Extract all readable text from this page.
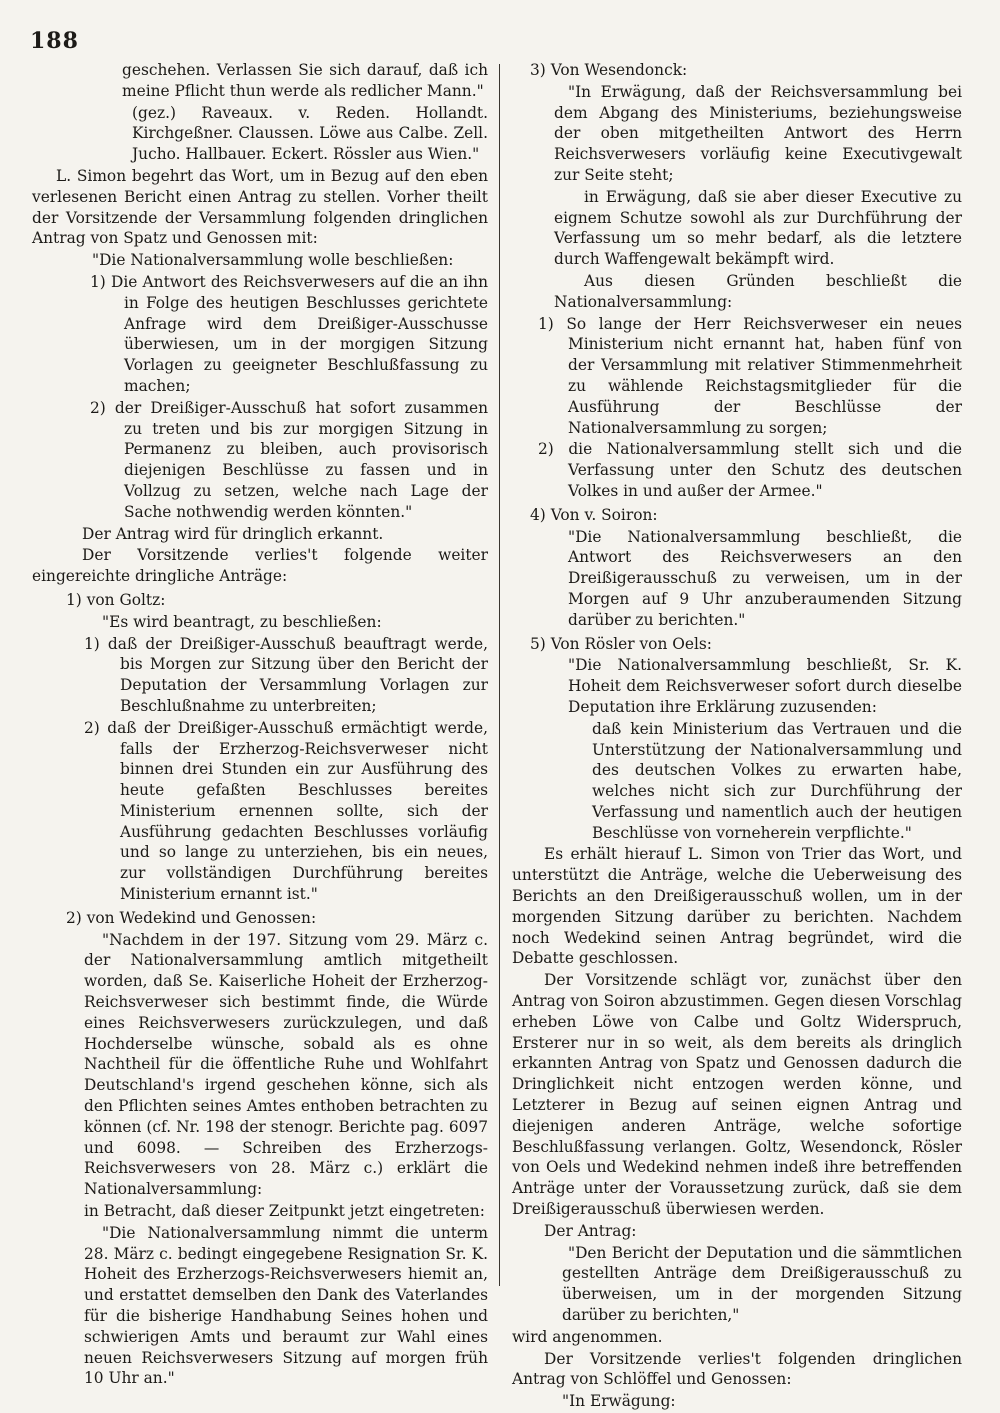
188

geschehen. Verlassen Sie sich darauf, daß ich meine Pflicht thun werde als redlicher Mann."

(gez.) Raveaux. v. Reden. Hollandt. Kirchgeßner. Claussen. Löwe aus Calbe. Zell. Jucho. Hallbauer. Eckert. Rössler aus Wien."

L. Simon begehrt das Wort, um in Bezug auf den eben verlesenen Bericht einen Antrag zu stellen. Vorher theilt der Vorsitzende der Versammlung folgenden dringlichen Antrag von Spatz und Genossen mit:

"Die Nationalversammlung wolle beschließen:

1) Die Antwort des Reichsverwesers auf die an ihn in Folge des heutigen Beschlusses gerichtete Anfrage wird dem Dreißiger-Ausschusse überwiesen, um in der morgigen Sitzung Vorlagen zu geeigneter Beschlußfassung zu machen;

2) der Dreißiger-Ausschuß hat sofort zusammen zu treten und bis zur morgigen Sitzung in Permanenz zu bleiben, auch provisorisch diejenigen Beschlüsse zu fassen und in Vollzug zu setzen, welche nach Lage der Sache nothwendig werden könnten."

Der Antrag wird für dringlich erkannt.

Der Vorsitzende verlies't folgende weiter eingereichte dringliche Anträge:

1) von Goltz:

"Es wird beantragt, zu beschließen:

1) daß der Dreißiger-Ausschuß beauftragt werde, bis Morgen zur Sitzung über den Bericht der Deputation der Versammlung Vorlagen zur Beschlußnahme zu unterbreiten;

2) daß der Dreißiger-Ausschuß ermächtigt werde, falls der Erzherzog-Reichsverweser nicht binnen drei Stunden ein zur Ausführung des heute gefaßten Beschlusses bereites Ministerium ernennen sollte, sich der Ausführung gedachten Beschlusses vorläufig und so lange zu unterziehen, bis ein neues, zur vollständigen Durchführung bereites Ministerium ernannt ist."

2) von Wedekind und Genossen:

"Nachdem in der 197. Sitzung vom 29. März c. der Nationalversammlung amtlich mitgetheilt worden, daß Se. Kaiserliche Hoheit der Erzherzog-Reichsverweser sich bestimmt finde, die Würde eines Reichsverwesers zurückzulegen, und daß Hochderselbe wünsche, sobald als es ohne Nachtheil für die öffentliche Ruhe und Wohlfahrt Deutschland's irgend geschehen könne, sich als den Pflichten seines Amtes enthoben betrachten zu können (cf. Nr. 198 der stenogr. Berichte pag. 6097 und 6098. — Schreiben des Erzherzogs-Reichsverwesers von 28. März c.) erklärt die Nationalversammlung:

in Betracht, daß dieser Zeitpunkt jetzt eingetreten:

"Die Nationalversammlung nimmt die unterm 28. März c. bedingt eingegebene Resignation Sr. K. Hoheit des Erzherzogs-Reichsverwesers hiemit an, und erstattet demselben den Dank des Vaterlandes für die bisherige Handhabung Seines hohen und schwierigen Amts und beraumt zur Wahl eines neuen Reichsverwesers Sitzung auf morgen früh 10 Uhr an."

3) Von Wesendonck:

"In Erwägung, daß der Reichsversammlung bei dem Abgang des Ministeriums, beziehungsweise der oben mitgetheilten Antwort des Herrn Reichsverwesers vorläufig keine Executivgewalt zur Seite steht;

in Erwägung, daß sie aber dieser Executive zu eignem Schutze sowohl als zur Durchführung der Verfassung um so mehr bedarf, als die letztere durch Waffengewalt bekämpft wird.

Aus diesen Gründen beschließt die Nationalversammlung:

1) So lange der Herr Reichsverweser ein neues Ministerium nicht ernannt hat, haben fünf von der Versammlung mit relativer Stimmenmehrheit zu wählende Reichstagsmitglieder für die Ausführung der Beschlüsse der Nationalversammlung zu sorgen;

2) die Nationalversammlung stellt sich und die Verfassung unter den Schutz des deutschen Volkes in und außer der Armee."

4) Von v. Soiron:

"Die Nationalversammlung beschließt, die Antwort des Reichsverwesers an den Dreißigerausschuß zu verweisen, um in der Morgen auf 9 Uhr anzuberaumenden Sitzung darüber zu berichten."

5) Von Rösler von Oels:

"Die Nationalversammlung beschließt, Sr. K. Hoheit dem Reichsverweser sofort durch dieselbe Deputation ihre Erklärung zuzusenden:

daß kein Ministerium das Vertrauen und die Unterstützung der Nationalversammlung und des deutschen Volkes zu erwarten habe, welches nicht sich zur Durchführung der Verfassung und namentlich auch der heutigen Beschlüsse von vorneherein verpflichte."

Es erhält hierauf L. Simon von Trier das Wort, und unterstützt die Anträge, welche die Ueberweisung des Berichts an den Dreißigerausschuß wollen, um in der morgenden Sitzung darüber zu berichten. Nachdem noch Wedekind seinen Antrag begründet, wird die Debatte geschlossen.

Der Vorsitzende schlägt vor, zunächst über den Antrag von Soiron abzustimmen. Gegen diesen Vorschlag erheben Löwe von Calbe und Goltz Widerspruch, Ersterer nur in so weit, als dem bereits als dringlich erkannten Antrag von Spatz und Genossen dadurch die Dringlichkeit nicht entzogen werden könne, und Letzterer in Bezug auf seinen eignen Antrag und diejenigen anderen Anträge, welche sofortige Beschlußfassung verlangen. Goltz, Wesendonck, Rösler von Oels und Wedekind nehmen indeß ihre betreffenden Anträge unter der Voraussetzung zurück, daß sie dem Dreißigerausschuß überwiesen werden.

Der Antrag:

"Den Bericht der Deputation und die sämmtlichen gestellten Anträge dem Dreißigerausschuß zu überweisen, um in der morgenden Sitzung darüber zu berichten,"

wird angenommen.

Der Vorsitzende verlies't folgenden dringlichen Antrag von Schlöffel und Genossen:

"In Erwägung:
